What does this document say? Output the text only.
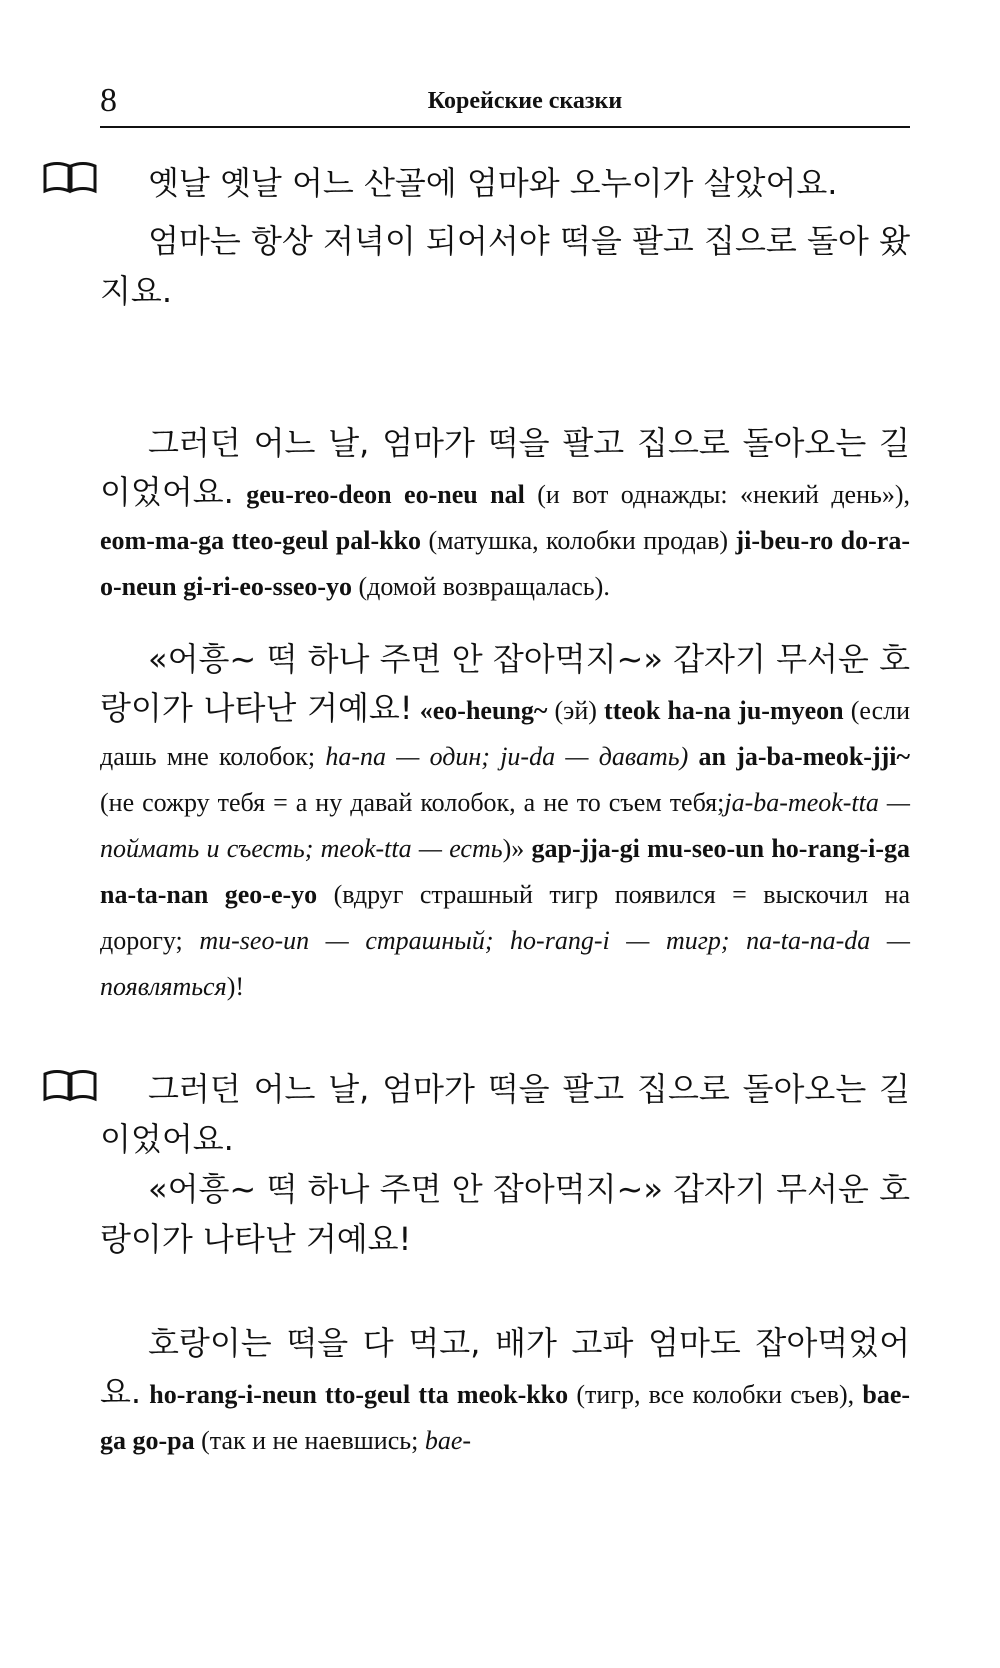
8	Корейские сказки

옛날 옛날 어느 산골에 엄마와 오누이가 살았어요.

엄마는 항상 저녁이 되어서야 떡을 팔고 집으로 돌아 왔지요.

그러던 어느 날, 엄마가 떡을 팔고 집으로 돌아오는 길이었어요. geu-reo-deon eo-neu nal (и вот однажды: «некий день»), eom-ma-ga tteo-geul pal-kko (матушка, колобки продав) ji-beu-ro do-ra-o-neun gi-ri-eo-sseo-yo (домой возвращалась).

«어흥~ 떡 하나 주면 안 잡아먹지~» 갑자기 무서운 호랑이가 나타난 거예요! «eo-heung~ (эй) tteok ha-na ju-myeon (если дашь мне колобок; ha-na — один; ju-da — давать) an ja-ba-meok-jji~ (не сожру тебя = а ну давай колобок, а не то съем тебя;ja-ba-meok-tta — поймать и съесть; meok-tta — есть)» gap-jja-gi mu-seo-un ho-rang-i-ga na-ta-nan geo-e-yo (вдруг страшный тигр появился = выскочил на дорогу; mu-seo-un — страшный; ho-rang-i — тигр; na-ta-na-da — появляться)!

그러던 어느 날, 엄마가 떡을 팔고 집으로 돌아오는 길이었어요.

«어흥~ 떡 하나 주면 안 잡아먹지~» 갑자기 무서운 호랑이가 나타난 거예요!

호랑이는 떡을 다 먹고, 배가 고파 엄마도 잡아먹었어요. ho-rang-i-neun tto-geul tta meok-kko (тигр, все колобки съев), bae-ga go-pa (так и не наевшись; bae-
